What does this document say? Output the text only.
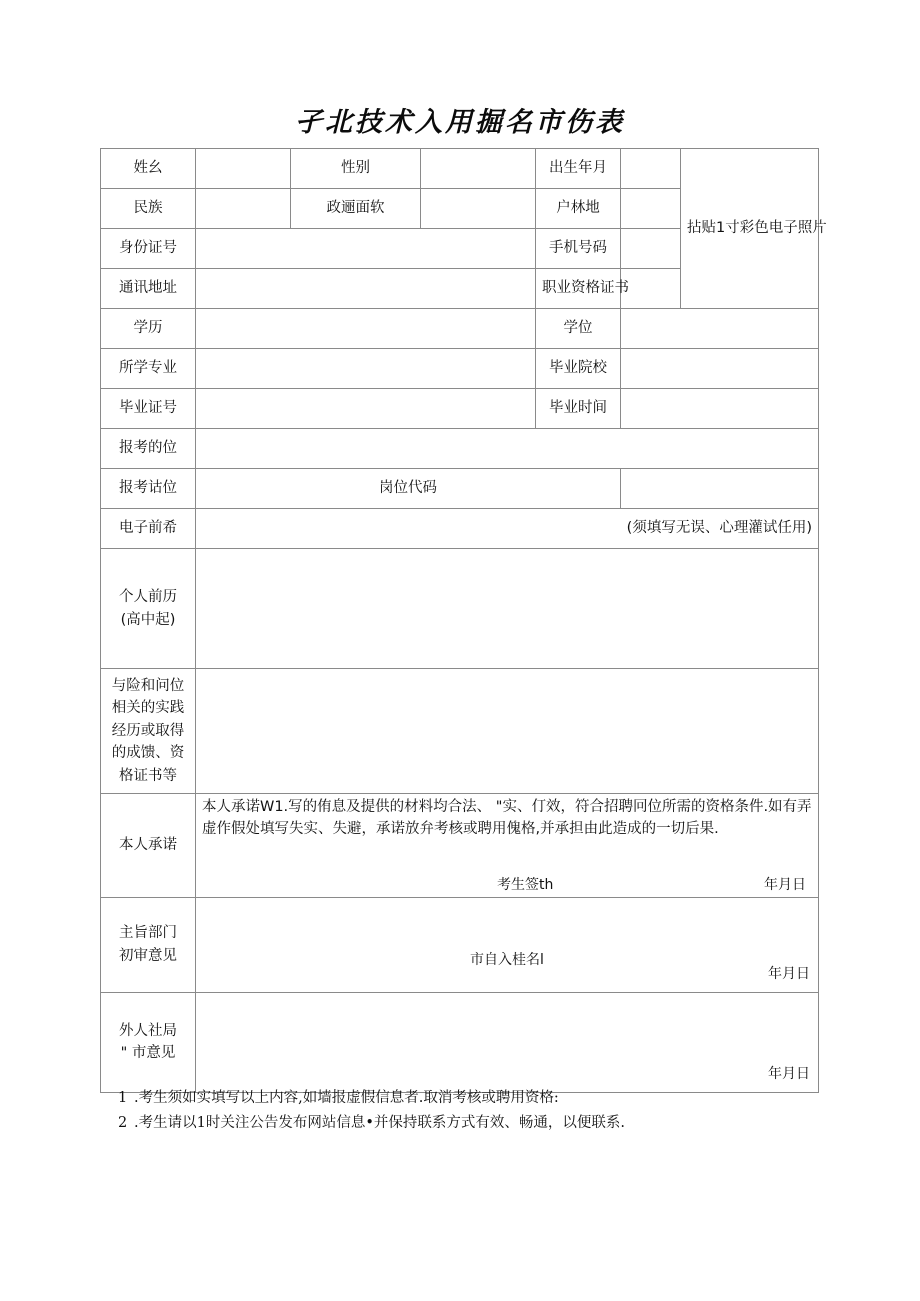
孑北技术入用掘名市伤表
姓幺		性别		出生年月		拈贴1寸彩色电子照片
民族		政逦面软		户林地		
身份证号				手机号码		
通讯地址				职业资格证书		
学历				学位		
所学专业				毕业院校		
毕业证号				毕业时间		
报考的位						
报考诂位	岗位代码					
电子前希	(须填写无误、心理灌试任用)					
个人前历
(高中起)						
与险和问位相关的实践经历或取得的成馈、资格证书等						
本人承诺	本人承诺W1.写的侑息及提供的材料均合法、 "实、仃效，符合招聘冋位所需的资格条件.如有弄虚作假处填写失实、失避，承诺放弁考核或聘用傀格,并承担由此造成的一切后果.
考生签th 年月日					

主旨部门
初审意见	市自入桂名l
年月日					

外人社局
" 市意见	年月日					
1 .考生须如实填写以上内容,如墙报虚假信息者.取消考核或聘用资格:
2 .考生请以1时关注公告发布网站信息•并保持联系方式有效、畅通，以便联系.
